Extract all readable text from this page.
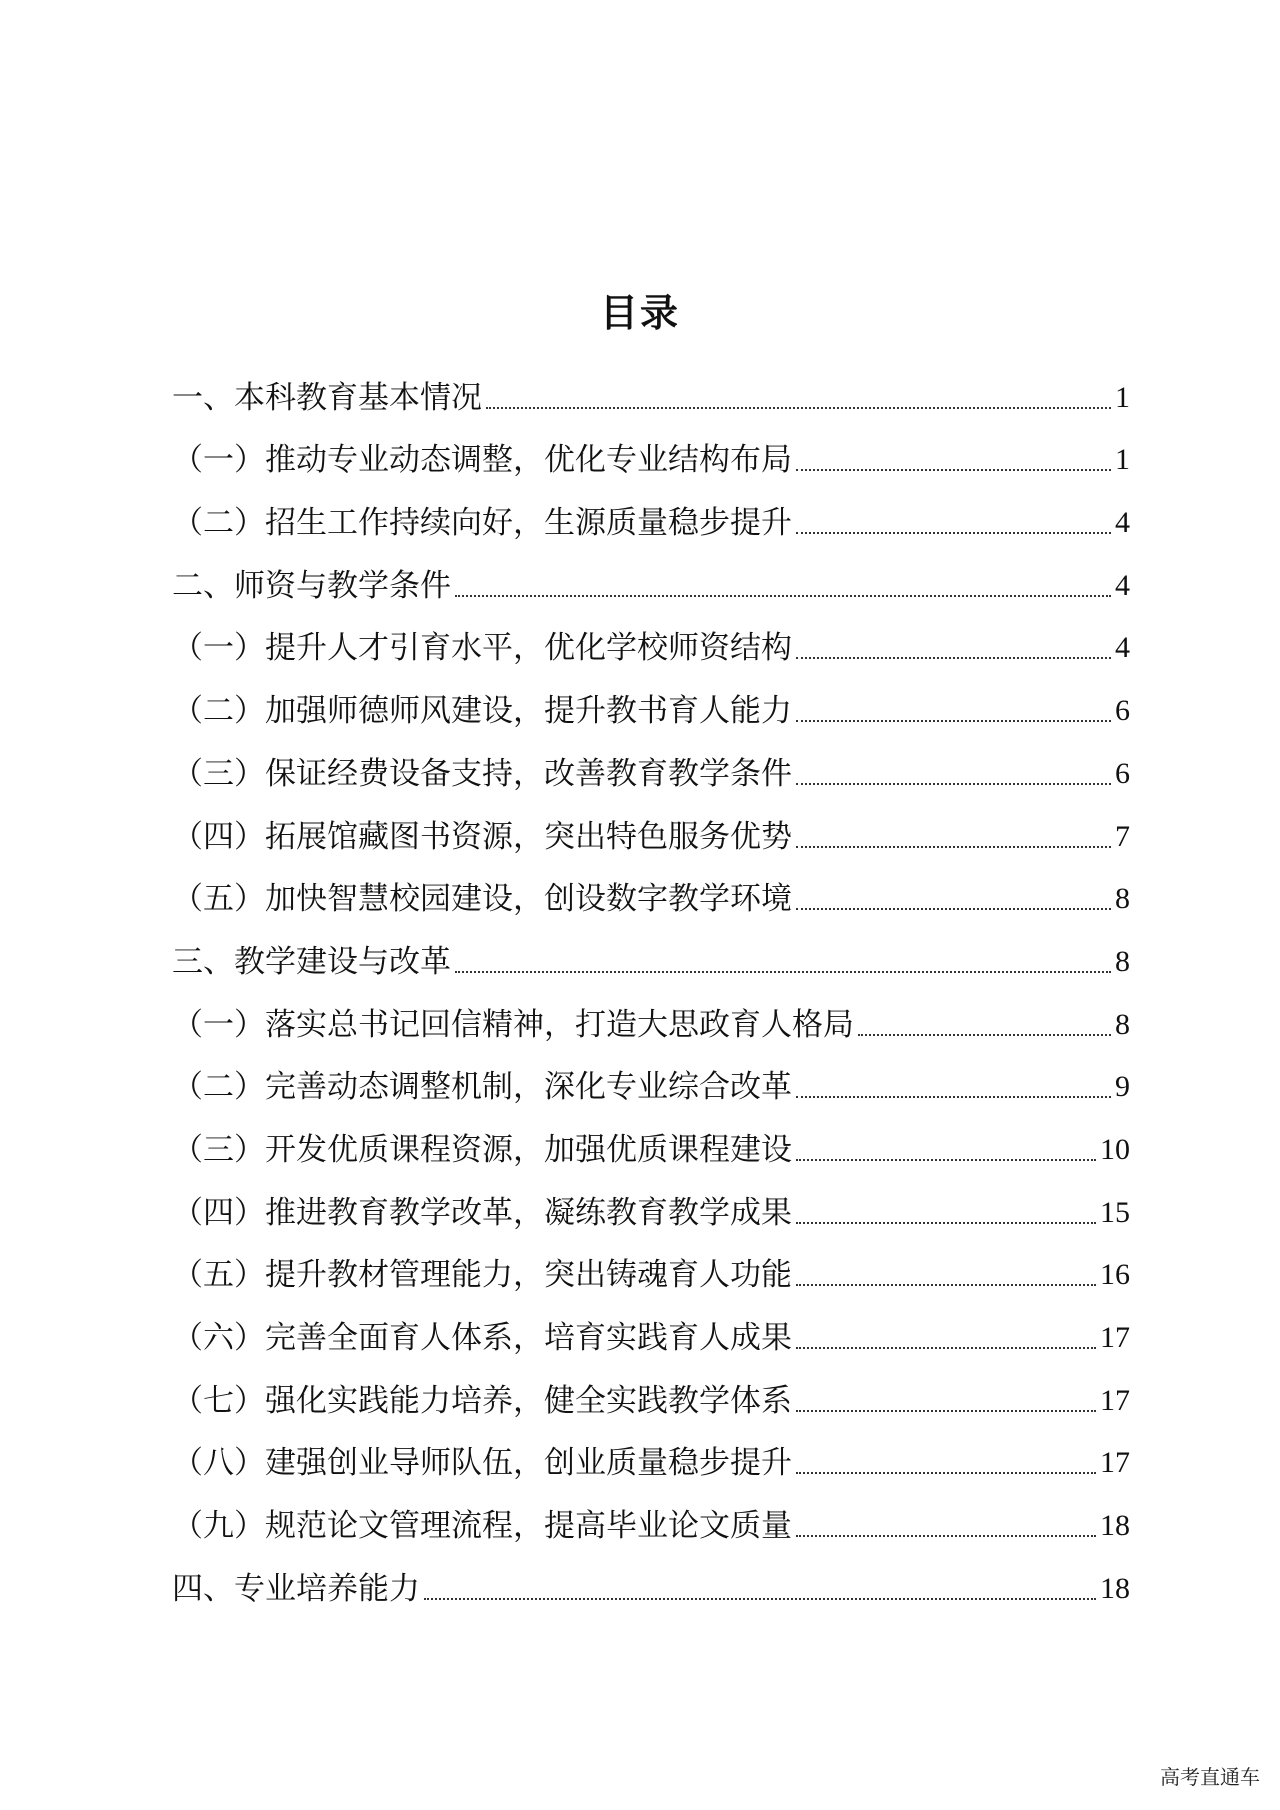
目录
一、本科教育基本情况	1
（一）推动专业动态调整，优化专业结构布局	1
（二）招生工作持续向好，生源质量稳步提升	4
二、师资与教学条件	4
（一）提升人才引育水平，优化学校师资结构	4
（二）加强师德师风建设，提升教书育人能力	6
（三）保证经费设备支持，改善教育教学条件	6
（四）拓展馆藏图书资源，突出特色服务优势	7
（五）加快智慧校园建设，创设数字教学环境	8
三、教学建设与改革	8
（一）落实总书记回信精神，打造大思政育人格局	8
（二）完善动态调整机制，深化专业综合改革	9
（三）开发优质课程资源，加强优质课程建设	10
（四）推进教育教学改革，凝练教育教学成果	15
（五）提升教材管理能力，突出铸魂育人功能	16
（六）完善全面育人体系，培育实践育人成果	17
（七）强化实践能力培养，健全实践教学体系	17
（八）建强创业导师队伍，创业质量稳步提升	17
（九）规范论文管理流程，提高毕业论文质量	18
四、专业培养能力	18
高考直通车
